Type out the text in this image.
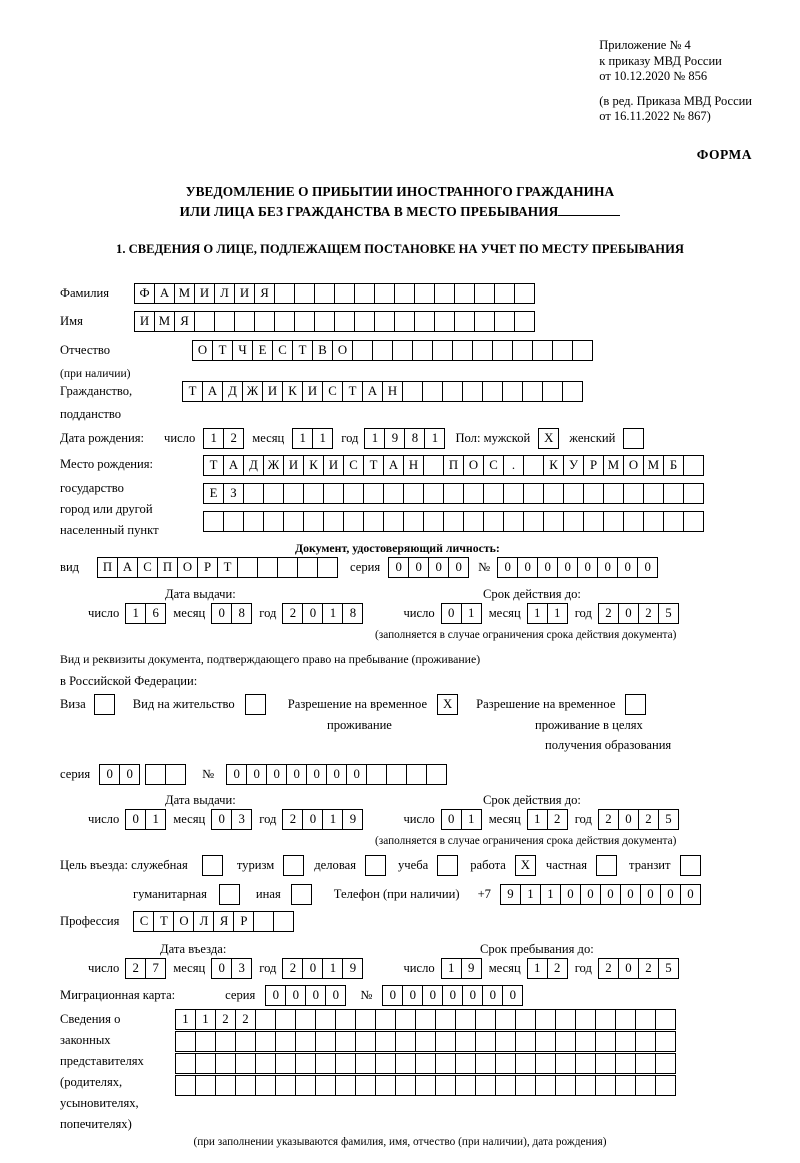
Приложение № 4
к приказу МВД России
от 10.12.2020 № 856
(в ред. Приказа МВД России
от 16.11.2022 № 867)
ФОРМА
УВЕДОМЛЕНИЕ О ПРИБЫТИИ ИНОСТРАННОГО ГРАЖДАНИНА
ИЛИ ЛИЦА БЕЗ ГРАЖДАНСТВА В МЕСТО ПРЕБЫВАНИЯ
1. СВЕДЕНИЯ О ЛИЦЕ, ПОДЛЕЖАЩЕМ ПОСТАНОВКЕ НА УЧЕТ ПО МЕСТУ ПРЕБЫВАНИЯ
Фамилия Ф А М И Л И Я
Имя	И М Я
Отчество	О Т Ч Е С Т В О
(при наличии)
Гражданство,	Т А Д Ж И К И С Т А Н
подданство
Дата рождения: число 1 2 месяц 1 1 год 1 9 8 1 Пол: мужской X женский
Место рождения:	Т А Д Ж И К И С Т А Н П О С .	К У Р М О М Б
государство	Е З
город или другой
населенный пункт
Документ, удостоверяющий личность:
вид П А С П О Р Т	серия 0 0 0 0 № 0 0 0 0 0 0 0 0
Дата выдачи:	Срок действия до:
число 1 6 месяц 0 8 год 2 0 1 8	число 0 1 месяц 1 1 год 2 0 2 5
(заполняется в случае ограничения срока действия документа)
Вид и реквизиты документа, подтверждающего право на пребывание (проживание)
в Российской Федерации:
Виза	Вид на жительство	Разрешение на временное X Разрешение на временное
проживание	проживание в целях
получения образования
серия 0 0	№ 0 0 0 0 0 0 0
Дата выдачи:	Срок действия до:
число 0 1 месяц 0 3 год 2 0 1 9	число 0 1 месяц 1 2 год 2 0 2 5
(заполняется в случае ограничения срока действия документа)
Цель въезда: служебная	туризм	деловая	учеба	работа X частная	транзит
гуманитарная	иная	Телефон (при наличии) +7 9 1 1 0 0 0 0 0 0 0
Профессия С Т О Л Я Р
Дата въезда:	Срок пребывания до:
число 2 7 месяц 0 3 год 2 0 1 9	число 1 9 месяц 1 2 год 2 0 2 5
Миграционная карта:	серия 0 0 0 0 № 0 0 0 0 0 0 0
Сведения о
законных
представителях
(родителях,
усыновителях,
попечителях)
1 1 2 2
(при заполнении указываются фамилия, имя, отчество (при наличии), дата рождения)
